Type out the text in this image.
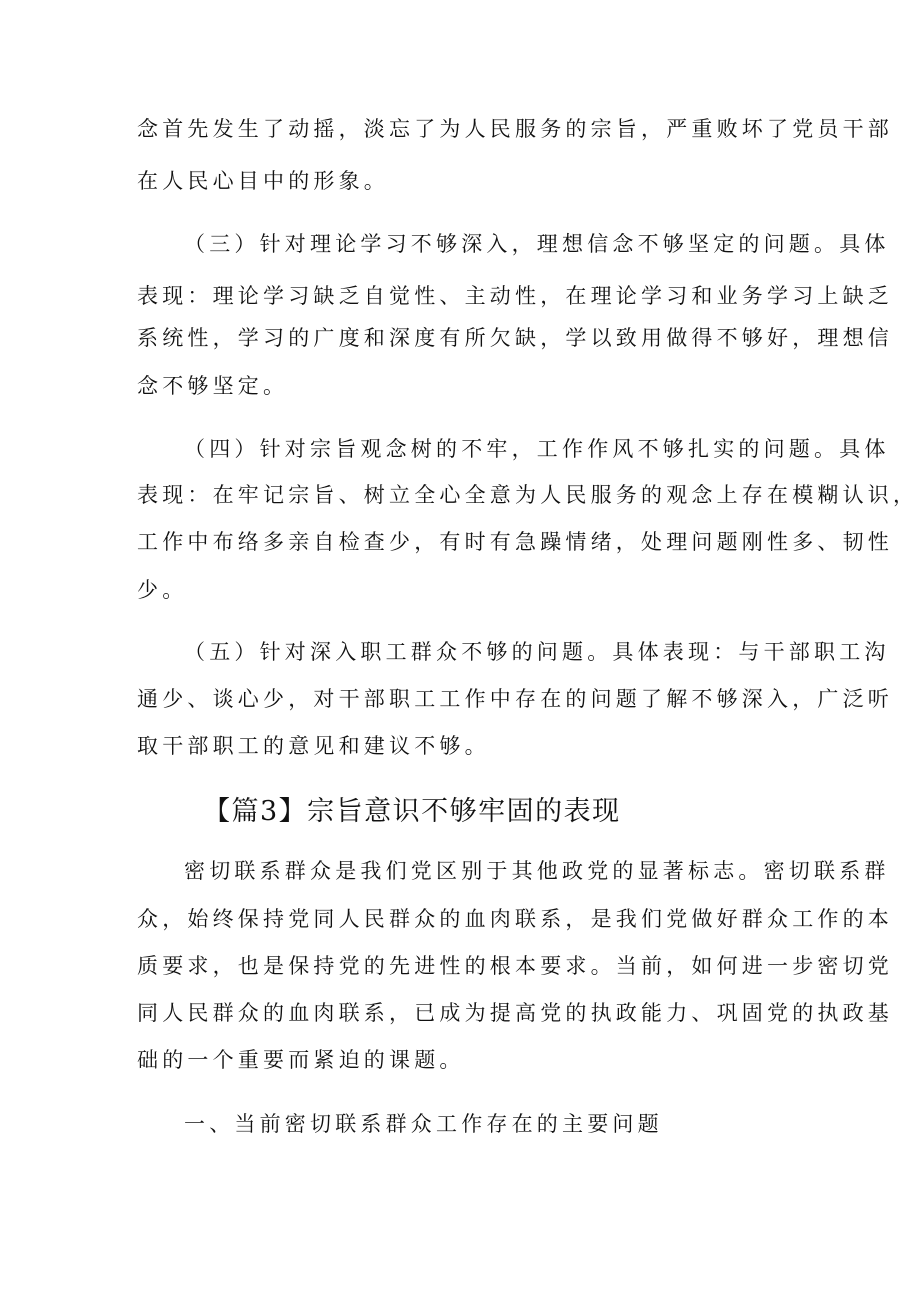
念首先发生了动摇，淡忘了为人民服务的宗旨，严重败坏了党员干部
在人民心目中的形象。
（三）针对理论学习不够深入，理想信念不够坚定的问题。具体
表现：理论学习缺乏自觉性、主动性，在理论学习和业务学习上缺乏
系统性，学习的广度和深度有所欠缺，学以致用做得不够好，理想信
念不够坚定。
（四）针对宗旨观念树的不牢，工作作风不够扎实的问题。具体
表现：在牢记宗旨、树立全心全意为人民服务的观念上存在模糊认识，
工作中布络多亲自检查少，有时有急躁情绪，处理问题刚性多、韧性
少。
（五）针对深入职工群众不够的问题。具体表现：与干部职工沟
通少、谈心少，对干部职工工作中存在的问题了解不够深入，广泛听
取干部职工的意见和建议不够。
【篇3】宗旨意识不够牢固的表现
密切联系群众是我们党区别于其他政党的显著标志。密切联系群
众，始终保持党同人民群众的血肉联系，是我们党做好群众工作的本
质要求，也是保持党的先进性的根本要求。当前，如何进一步密切党
同人民群众的血肉联系，已成为提高党的执政能力、巩固党的执政基
础的一个重要而紧迫的课题。
一、当前密切联系群众工作存在的主要问题
